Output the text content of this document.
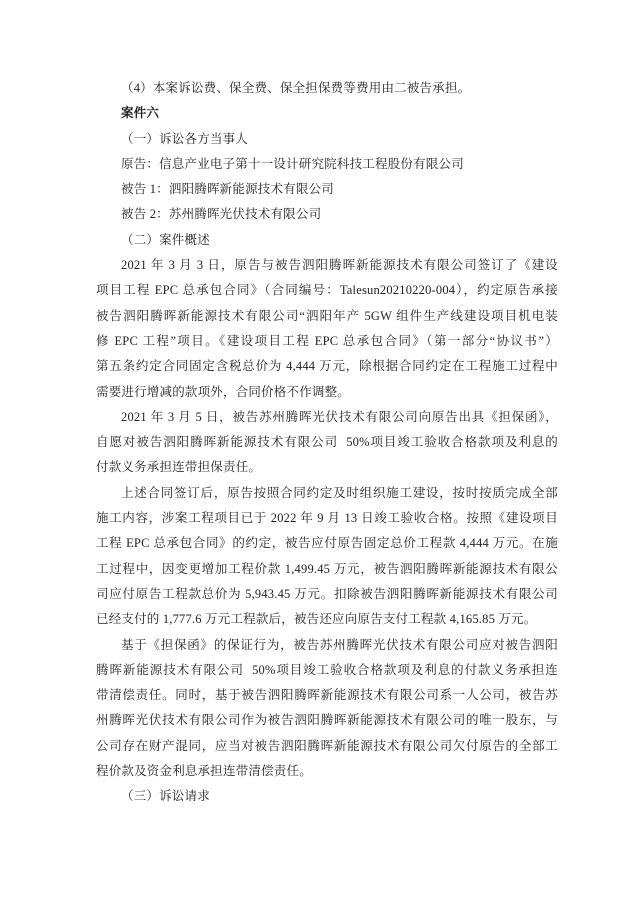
（4）本案诉讼费、保全费、保全担保费等费用由二被告承担。
案件六
（一）诉讼各方当事人
原告：信息产业电子第十一设计研究院科技工程股份有限公司
被告 1：泗阳腾晖新能源技术有限公司
被告 2：苏州腾晖光伏技术有限公司
（二）案件概述
2021 年 3 月 3 日，原告与被告泗阳腾晖新能源技术有限公司签订了《建设
项目工程 EPC 总承包合同》（合同编号：Talesun20210220-004），约定原告承接
被告泗阳腾晖新能源技术有限公司“泗阳年产 5GW 组件生产线建设项目机电装
修 EPC 工程”项目。《建设项目工程 EPC 总承包合同》（第一部分“协议书”）
第五条约定合同固定含税总价为 4,444 万元，除根据合同约定在工程施工过程中
需要进行增减的款项外，合同价格不作调整。
2021 年 3 月 5 日，被告苏州腾晖光伏技术有限公司向原告出具《担保函》，
自愿对被告泗阳腾晖新能源技术有限公司  50%项目竣工验收合格款项及利息的
付款义务承担连带担保责任。
上述合同签订后，原告按照合同约定及时组织施工建设，按时按质完成全部
施工内容，涉案工程项目已于 2022 年 9 月 13 日竣工验收合格。按照《建设项目
工程 EPC 总承包合同》的约定，被告应付原告固定总价工程款 4,444 万元。在施
工过程中，因变更增加工程价款 1,499.45 万元，被告泗阳腾晖新能源技术有限公
司应付原告工程款总价为 5,943.45 万元。扣除被告泗阳腾晖新能源技术有限公司
已经支付的 1,777.6 万元工程款后，被告还应向原告支付工程款 4,165.85 万元。
基于《担保函》的保证行为，被告苏州腾晖光伏技术有限公司应对被告泗阳
腾晖新能源技术有限公司  50%项目竣工验收合格款项及利息的付款义务承担连
带清偿责任。同时，基于被告泗阳腾晖新能源技术有限公司系一人公司，被告苏
州腾晖光伏技术有限公司作为被告泗阳腾晖新能源技术有限公司的唯一股东，与
公司存在财产混同，应当对被告泗阳腾晖新能源技术有限公司欠付原告的全部工
程价款及资金利息承担连带清偿责任。
（三）诉讼请求
